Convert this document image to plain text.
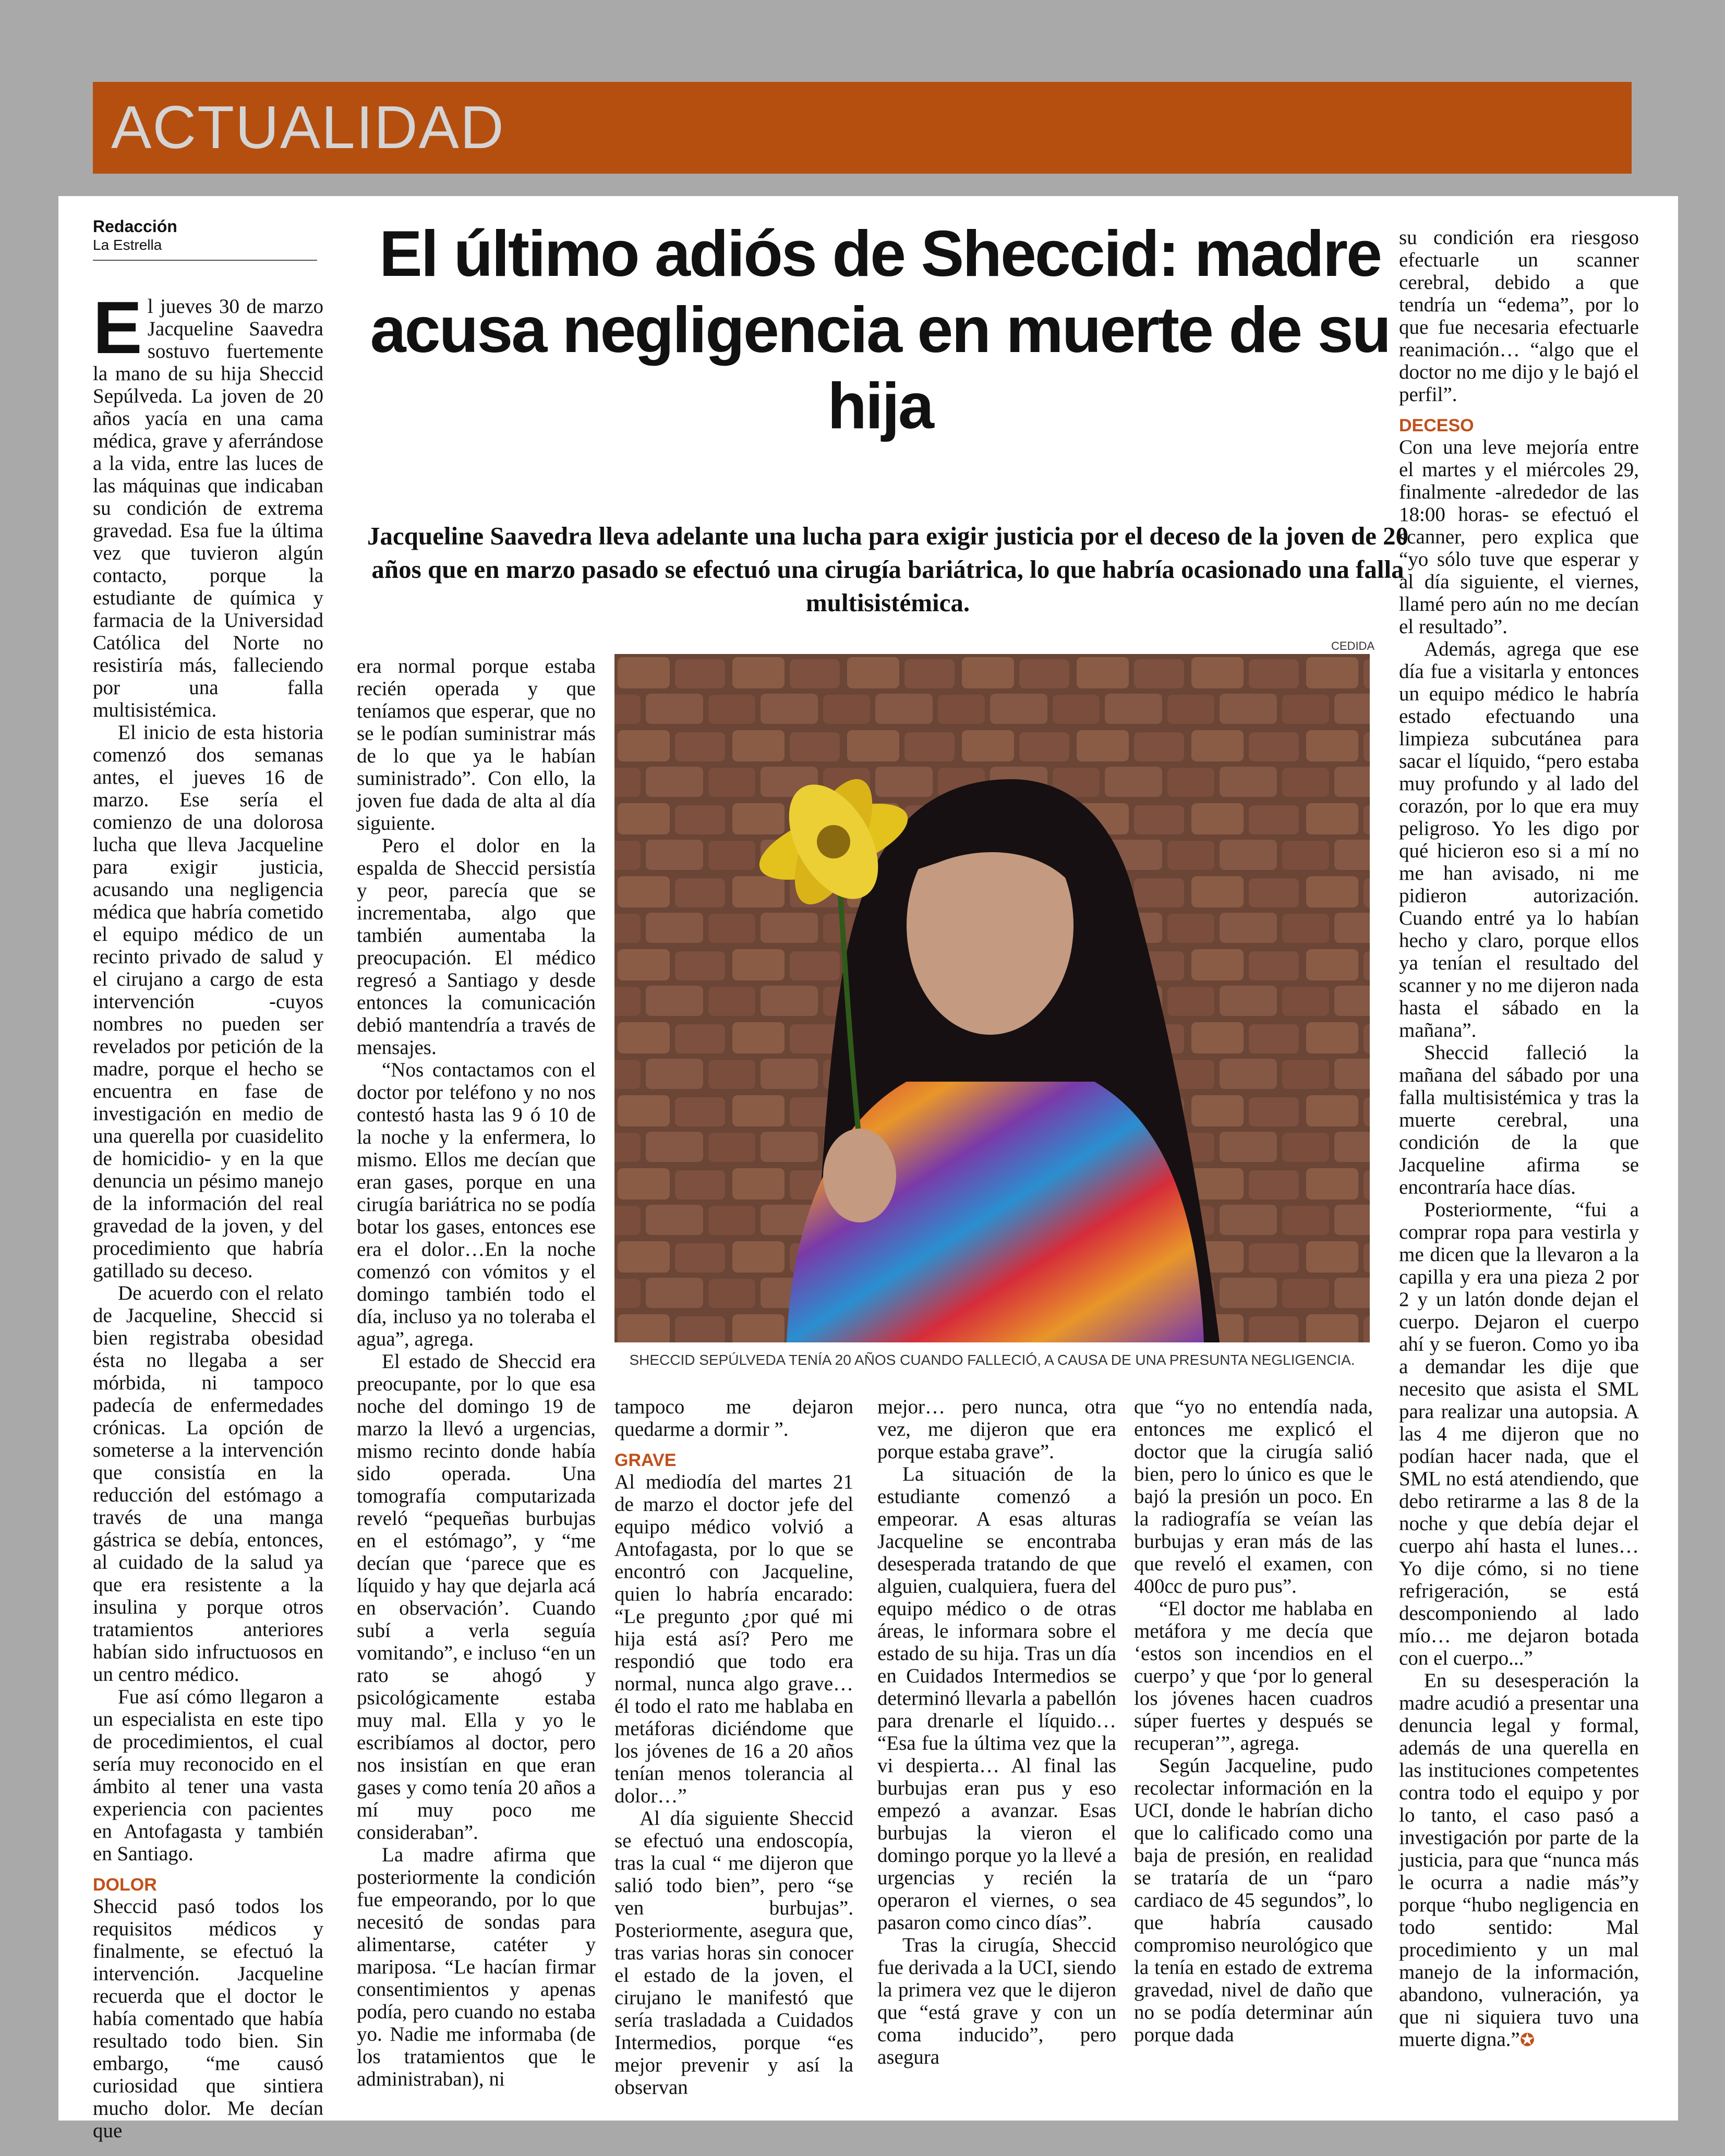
ACTUALIDAD
Redacción
La Estrella	El último adiós de Sheccid: madre acusa negligencia en muerte de su hija
Jacqueline Saavedra lleva adelante una lucha para exigir justicia por el deceso de la joven de 20 años que en marzo pasado se efectuó una cirugía bariátrica, lo que habría ocasionado una falla multisistémica.

El jueves 30 de marzo Jacqueline Saavedra sostuvo fuertemente la mano de su hija Sheccid Sepúlveda. La joven de 20 años yacía en una cama médica, grave y aferrándose a la vida, entre las luces de las máquinas que indicaban su condición de extrema gravedad. Esa fue la última vez que tuvieron algún contacto, porque la estudiante de química y farmacia de la Universidad Católica del Norte no resistiría más, falleciendo por una falla multisistémica.

El inicio de esta historia comenzó dos semanas antes, el jueves 16 de marzo. Ese sería el comienzo de una dolorosa lucha que lleva Jacqueline para exigir justicia, acusando una negligencia médica que habría cometido el equipo médico de un recinto privado de salud y el cirujano a cargo de esta intervención -cuyos nombres no pueden ser revelados por petición de la madre, porque el hecho se encuentra en fase de investigación en medio de una querella por cuasidelito de homicidio- y en la que denuncia un pésimo manejo de la información del real gravedad de la joven, y del procedimiento que habría gatillado su deceso.

De acuerdo con el relato de Jacqueline, Sheccid si bien registraba obesidad ésta no llegaba a ser mórbida, ni tampoco padecía de enfermedades crónicas. La opción de someterse a la intervención que consistía en la reducción del estómago a través de una manga gástrica se debía, entonces, al cuidado de la salud ya que era resistente a la insulina y porque otros tratamientos anteriores habían sido infructuosos en un centro médico.

Fue así cómo llegaron a un especialista en este tipo de procedimientos, el cual sería muy reconocido en el ámbito al tener una vasta experiencia con pacientes en Antofagasta y también en Santiago.

DOLOR

Sheccid pasó todos los requisitos médicos y finalmente, se efectuó la intervención. Jacqueline recuerda que el doctor le había comentado que había resultado todo bien. Sin embargo, “me causó curiosidad que sintiera mucho dolor. Me decían que

CEDIDA
SHECCID SEPÚLVEDA TENÍA 20 AÑOS CUANDO FALLECIÓ, A CAUSA DE UNA PRESUNTA NEGLIGENCIA.

era normal porque estaba recién operada y que teníamos que esperar, que no se le podían suministrar más de lo que ya le habían suministrado”. Con ello, la joven fue dada de alta al día siguiente.

Pero el dolor en la espalda de Sheccid persistía y peor, parecía que se incrementaba, algo que también aumentaba la preocupación. El médico regresó a Santiago y desde entonces la comunicación debió mantendría a través de mensajes.

“Nos contactamos con el doctor por teléfono y no nos contestó hasta las 9 ó 10 de la noche y la enfermera, lo mismo. Ellos me decían que eran gases, porque en una cirugía bariátrica no se podía botar los gases, entonces ese era el dolor…En la noche comenzó con vómitos y el domingo también todo el día, incluso ya no toleraba el agua”, agrega.

El estado de Sheccid era preocupante, por lo que esa noche del domingo 19 de marzo la llevó a urgencias, mismo recinto donde había sido operada. Una tomografía computarizada reveló “pequeñas burbujas en el estómago”, y “me decían que ‘parece que es líquido y hay que dejarla acá en observación’. Cuando subí a verla seguía vomitando”, e incluso “en un rato se ahogó y psicológicamente estaba muy mal. Ella y yo le escribíamos al doctor, pero nos insistían en que eran gases y como tenía 20 años a mí muy poco me consideraban”.

La madre afirma que posteriormente la condición fue empeorando, por lo que necesitó de sondas para alimentarse, catéter y mariposa. “Le hacían firmar consentimientos y apenas podía, pero cuando no estaba yo. Nadie me informaba (de los tratamientos que le administraban), ni

tampoco me dejaron quedarme a dormir ”.

GRAVE

Al mediodía del martes 21 de marzo el doctor jefe del equipo médico volvió a Antofagasta, por lo que se encontró con Jacqueline, quien lo habría encarado: “Le pregunto ¿por qué mi hija está así? Pero me respondió que todo era normal, nunca algo grave… él todo el rato me hablaba en metáforas diciéndome que los jóvenes de 16 a 20 años tenían menos tolerancia al dolor…”

Al día siguiente Sheccid se efectuó una endoscopía, tras la cual “ me dijeron que salió todo bien”, pero “se ven burbujas”. Posteriormente, asegura que, tras varias horas sin conocer el estado de la joven, el cirujano le manifestó que sería trasladada a Cuidados Intermedios, porque “es mejor prevenir y así la observan

mejor… pero nunca, otra vez, me dijeron que era porque estaba grave”.

La situación de la estudiante comenzó a empeorar. A esas alturas Jacqueline se encontraba desesperada tratando de que alguien, cualquiera, fuera del equipo médico o de otras áreas, le informara sobre el estado de su hija. Tras un día en Cuidados Intermedios se determinó llevarla a pabellón para drenarle el líquido… “Esa fue la última vez que la vi despierta… Al final las burbujas eran pus y eso empezó a avanzar. Esas burbujas la vieron el domingo porque yo la llevé a urgencias y recién la operaron el viernes, o sea pasaron como cinco días”.

Tras la cirugía, Sheccid fue derivada a la UCI, siendo la primera vez que le dijeron que “está grave y con un coma inducido”, pero asegura

que “yo no entendía nada, entonces me explicó el doctor que la cirugía salió bien, pero lo único es que le bajó la presión un poco. En la radiografía se veían las burbujas y eran más de las que reveló el examen, con 400cc de puro pus”.

“El doctor me hablaba en metáfora y me decía que ‘estos son incendios en el cuerpo’ y que ‘por lo general los jóvenes hacen cuadros súper fuertes y después se recuperan’”, agrega.

Según Jacqueline, pudo recolectar información en la UCI, donde le habrían dicho que lo calificado como una baja de presión, en realidad se trataría de un “paro cardiaco de 45 segundos”, lo que habría causado compromiso neurológico que la tenía en estado de extrema gravedad, nivel de daño que no se podía determinar aún porque dada

su condición era riesgoso efectuarle un scanner cerebral, debido a que tendría un “edema”, por lo que fue necesaria efectuarle reanimación… “algo que el doctor no me dijo y le bajó el perfil”.

DECESO

Con una leve mejoría entre el martes y el miércoles 29, finalmente -alrededor de las 18:00 horas- se efectuó el scanner, pero explica que “yo sólo tuve que esperar y al día siguiente, el viernes, llamé pero aún no me decían el resultado”.

Además, agrega que ese día fue a visitarla y entonces un equipo médico le habría estado efectuando una limpieza subcutánea para sacar el líquido, “pero estaba muy profundo y al lado del corazón, por lo que era muy peligroso. Yo les digo por qué hicieron eso si a mí no me han avisado, ni me pidieron autorización. Cuando entré ya lo habían hecho y claro, porque ellos ya tenían el resultado del scanner y no me dijeron nada hasta el sábado en la mañana”.

Sheccid falleció la mañana del sábado por una falla multisistémica y tras la muerte cerebral, una condición de la que Jacqueline afirma se encontraría hace días.

Posteriormente, “fui a comprar ropa para vestirla y me dicen que la llevaron a la capilla y era una pieza 2 por 2 y un latón donde dejan el cuerpo. Dejaron el cuerpo ahí y se fueron. Como yo iba a demandar les dije que necesito que asista el SML para realizar una autopsia. A las 4 me dijeron que no podían hacer nada, que el SML no está atendiendo, que debo retirarme a las 8 de la noche y que debía dejar el cuerpo ahí hasta el lunes… Yo dije cómo, si no tiene refrigeración, se está descomponiendo al lado mío… me dejaron botada con el cuerpo...”

En su desesperación la madre acudió a presentar una denuncia legal y formal, además de una querella en las instituciones competentes contra todo el equipo y por lo tanto, el caso pasó a investigación por parte de la justicia, para que “nunca más le ocurra a nadie más”y porque “hubo negligencia en todo sentido: Mal procedimiento y un mal manejo de la información, abandono, vulneración, ya que ni siquiera tuvo una muerte digna.”✪
